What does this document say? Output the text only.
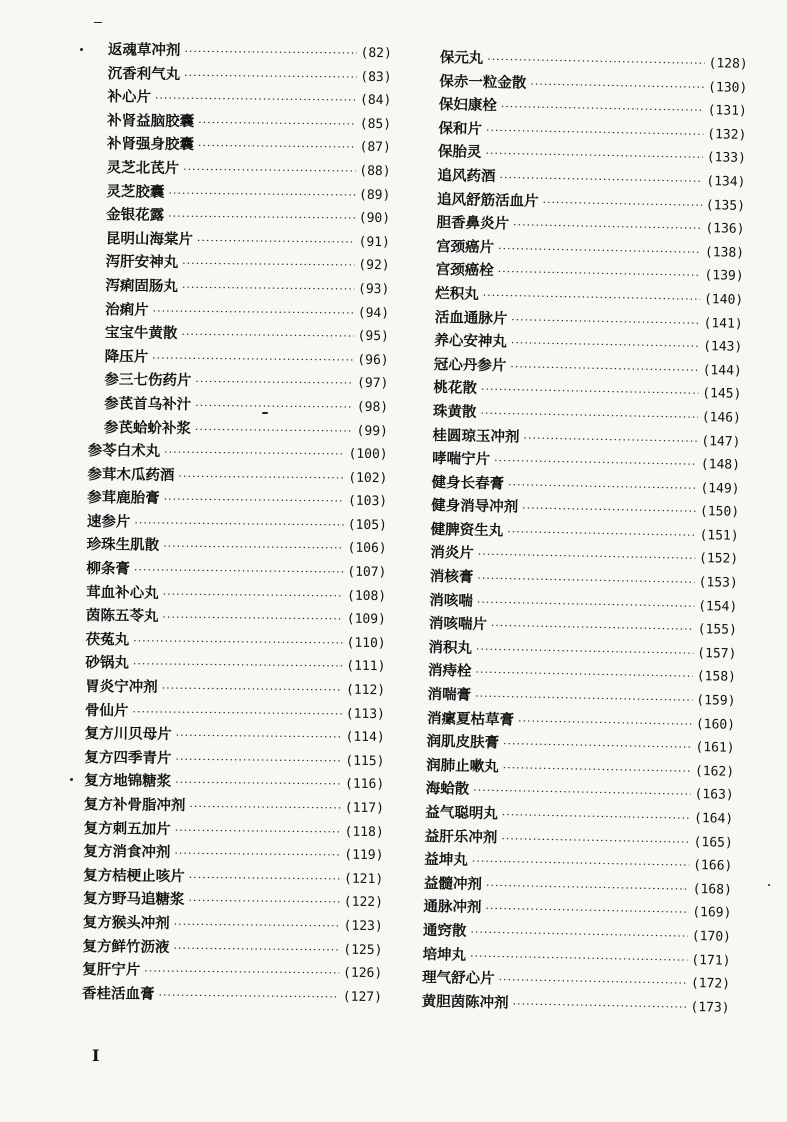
返魂草冲剂 ·····	(82)
沉香利气丸 ·····	(83)
补心片 ·····	(84)
补肾益脑胶囊 ·····	(85)
补肾强身胶囊 ·····	(87)
灵芝北芪片 ·····	(88)
灵芝胶囊 ·····	(89)
金银花露 ·····	(90)
昆明山海棠片 ·····	(91)
泻肝安神丸 ·····	(92)
泻痢固肠丸 ·····	(93)
治痢片 ·····	(94)
宝宝牛黄散 ·····	(95)
降压片 ·····	(96)
参三七伤药片 ·····	(97)
参芪首乌补汁 ·····	(98)
参芪蛤蚧补浆 ·····	(99)
参苓白术丸 ·····	(100)
参茸木瓜药酒 ·····	(102)
参茸鹿胎膏 ·····	(103)
速参片 ·····	(105)
珍珠生肌散 ·····	(106)
柳条膏 ·····	(107)
茸血补心丸 ·····	(108)
茵陈五苓丸 ·····	(109)
茯菟丸 ·····	(110)
砂锅丸 ·····	(111)
胃炎宁冲剂 ·····	(112)
骨仙片 ·····	(113)
复方川贝母片 ·····	(114)
复方四季青片 ·····	(115)
复方地锦糖浆 ·····	(116)
复方补骨脂冲剂 ·····	(117)
复方刺五加片 ·····	(118)
复方消食冲剂 ·····	(119)
复方桔梗止咳片 ·····	(121)
复方野马追糖浆 ·····	(122)
复方猴头冲剂 ·····	(123)
复方鲜竹沥液 ·····	(125)
复肝宁片 ·····	(126)
香桂活血膏 ·····	(127)
保元丸 ·····	(128)
保赤一粒金散 ·····	(130)
保妇康栓 ·····	(131)
保和片 ·····	(132)
保胎灵 ·····	(133)
追风药酒 ·····	(134)
追风舒筋活血片 ·····	(135)
胆香鼻炎片 ·····	(136)
宫颈癌片 ·····	(138)
宫颈癌栓 ·····	(139)
烂积丸 ·····	(140)
活血通脉片 ·····	(141)
养心安神丸 ·····	(143)
冠心丹参片 ·····	(144)
桃花散 ·····	(145)
珠黄散 ·····	(146)
桂圆琼玉冲剂 ·····	(147)
哮喘宁片 ·····	(148)
健身长春膏 ·····	(149)
健身消导冲剂 ·····	(150)
健脾资生丸 ·····	(151)
消炎片 ·····	(152)
消核膏 ·····	(153)
消咳喘 ·····	(154)
消咳喘片 ·····	(155)
消积丸 ·····	(157)
消痔栓 ·····	(158)
消喘膏 ·····	(159)
消瘰夏枯草膏 ·····	(160)
润肌皮肤膏 ·····	(161)
润肺止嗽丸 ·····	(162)
海蛤散 ·····	(163)
益气聪明丸 ·····	(164)
益肝乐冲剂 ·····	(165)
益坤丸 ·····	(166)
益髓冲剂 ·····	(168)
通脉冲剂 ·····	(169)
通窍散 ·····	(170)
培坤丸 ·····	(171)
理气舒心片 ·····	(172)
黄胆茵陈冲剂 ·····	(173)
I
